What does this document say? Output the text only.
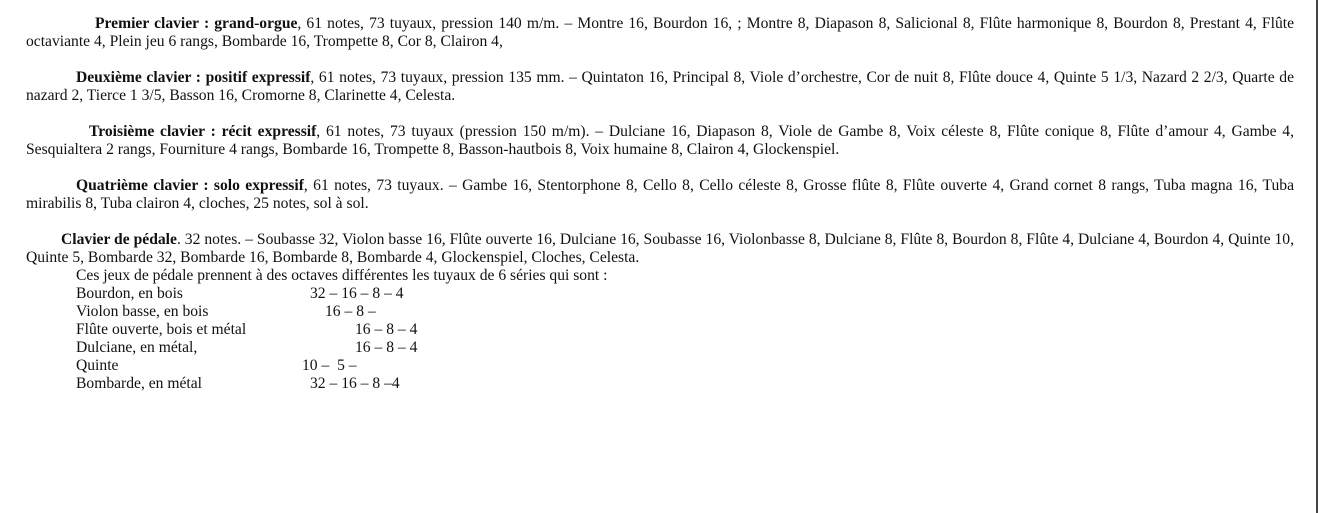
Premier clavier : grand-orgue, 61 notes, 73 tuyaux, pression 140 m/m. – Montre 16, Bourdon 16, ; Montre 8, Diapason 8, Salicional 8, Flûte harmonique 8, Bourdon 8, Prestant 4, Flûte octaviante 4, Plein jeu 6 rangs, Bombarde 16, Trompette 8, Cor 8, Clairon 4,

Deuxième clavier : positif expressif, 61 notes, 73 tuyaux, pression 135 mm. – Quintaton 16, Principal 8, Viole d’orchestre, Cor de nuit 8, Flûte douce 4, Quinte 5 1/3, Nazard 2 2/3, Quarte de nazard 2, Tierce 1 3/5, Basson 16, Cromorne 8, Clarinette 4, Celesta.

Troisième clavier : récit expressif, 61 notes, 73 tuyaux (pression 150 m/m). – Dulciane 16, Diapason 8, Viole de Gambe 8, Voix céleste 8, Flûte conique 8, Flûte d’amour 4, Gambe 4, Sesquialtera 2 rangs, Fourniture 4 rangs, Bombarde 16, Trompette 8, Basson-hautbois 8, Voix humaine 8, Clairon 4, Glockenspiel.

Quatrième clavier : solo expressif, 61 notes, 73 tuyaux. – Gambe 16, Stentorphone 8, Cello 8, Cello céleste 8, Grosse flûte 8, Flûte ouverte 4, Grand cornet 8 rangs, Tuba magna 16, Tuba mirabilis 8, Tuba clairon 4, cloches, 25 notes, sol à sol.

Clavier de pédale. 32 notes. – Soubasse 32, Violon basse 16, Flûte ouverte 16, Dulciane 16, Soubasse 16, Violonbasse 8, Dulciane 8, Flûte 8, Bourdon 8, Flûte 4, Dulciane 4, Bourdon 4, Quinte 10, Quinte 5, Bombarde 32, Bombarde 16, Bombarde 8, Bombarde 4, Glockenspiel, Cloches, Celesta.

Ces jeux de pédale prennent à des octaves différentes les tuyaux de 6 séries qui sont :
Bourdon, en bois	32 – 16 – 8 – 4
Violon basse, en bois	16 – 8 –
Flûte ouverte, bois et métal	16 – 8 – 4
Dulciane, en métal,	16 – 8 – 4
Quinte	10 –  5 –
Bombarde, en métal	32 – 16 – 8 –4
